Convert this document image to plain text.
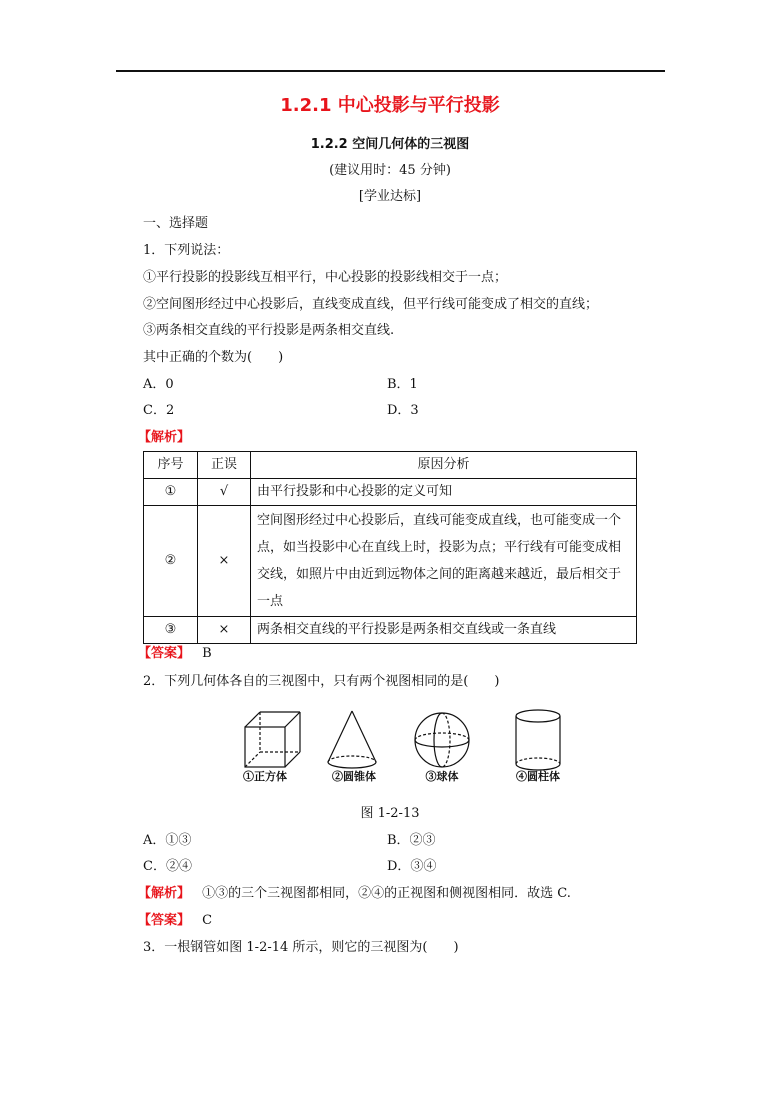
1.2.1 中心投影与平行投影
1.2.2 空间几何体的三视图
(建议用时：45 分钟)
[学业达标]
一、选择题
1．下列说法：
①平行投影的投影线互相平行，中心投影的投影线相交于一点；
②空间图形经过中心投影后，直线变成直线，但平行线可能变成了相交的直线；
③两条相交直线的平行投影是两条相交直线.
其中正确的个数为(　　)
A．0	B．1
C．2	D．3
【解析】
序号	正误	原因分析
①	√	由平行投影和中心投影的定义可知
②	×	空间图形经过中心投影后，直线可能变成直线，也可能变成一个点，如当投影中心在直线上时，投影为点；平行线有可能变成相交线，如照片中由近到远物体之间的距离越来越近，最后相交于一点
③	×	两条相交直线的平行投影是两条相交直线或一条直线
【答案】 B
2．下列几何体各自的三视图中，只有两个视图相同的是(　　)
①正方体	②圆锥体	③球体	④圆柱体
图 1-2-13
A．①③	B．②③
C．②④	D．③④
【解析】 ①③的三个三视图都相同，②④的正视图和侧视图相同．故选 C.
【答案】 C
3．一根钢管如图 1-2-14 所示，则它的三视图为(　　)
